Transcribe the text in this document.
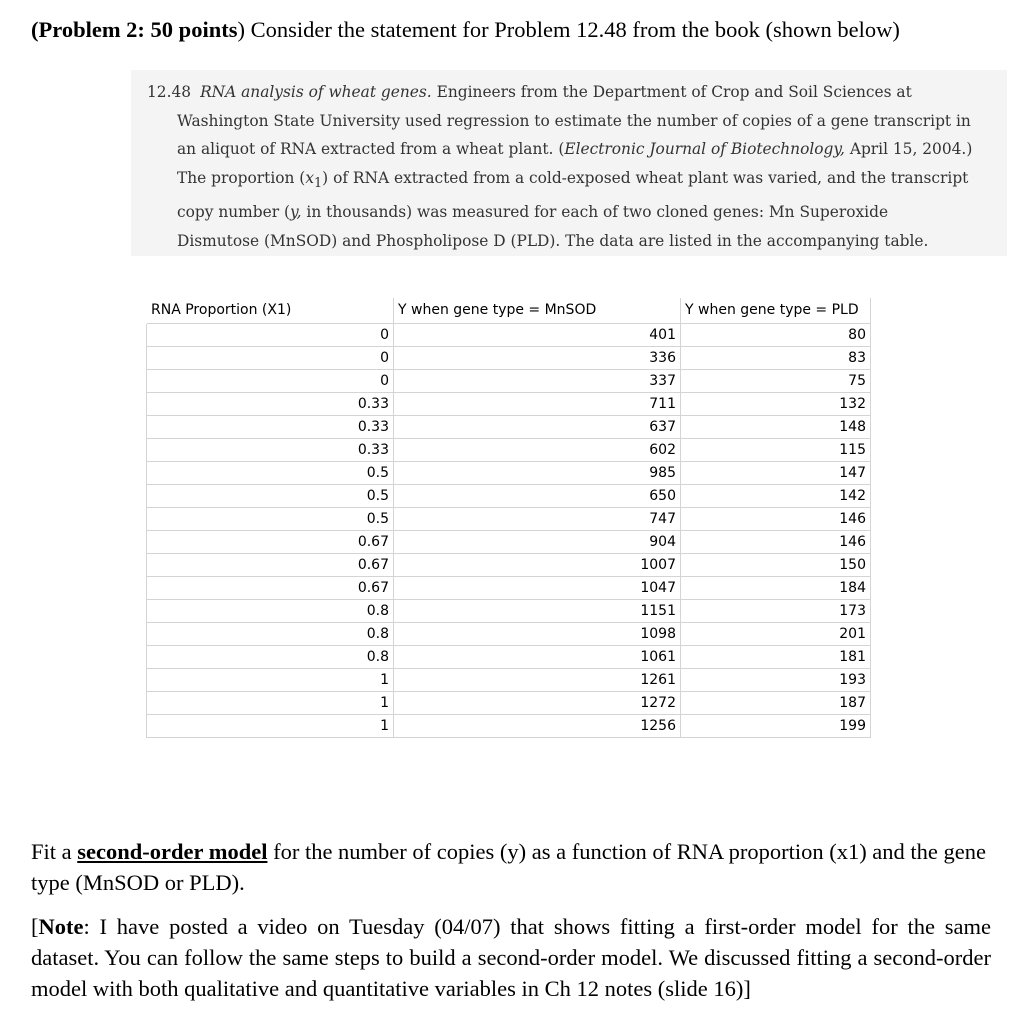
(Problem 2: 50 points) Consider the statement for Problem 12.48 from the book (shown below)
12.48 RNA analysis of wheat genes. Engineers from the Department of Crop and Soil Sciences at
Washington State University used regression to estimate the number of copies of a gene transcript in
an aliquot of RNA extracted from a wheat plant. (Electronic Journal of Biotechnology, April 15, 2004.)
The proportion $(x_1)$ of RNA extracted from a cold-exposed wheat plant was varied, and the transcript
copy number (y, in thousands) was measured for each of two cloned genes: Mn Superoxide
Dismutose (MnSOD) and Phospholipose D (PLD). The data are listed in the accompanying table.
RNA Proportion (X1)	Y when gene type = MnSOD	Y when gene type = PLD
0	401	80
0	336	83
0	337	75
0.33	711	132
0.33	637	148
0.33	602	115
0.5	985	147
0.5	650	142
0.5	747	146
0.67	904	146
0.67	1007	150
0.67	1047	184
0.8	1151	173
0.8	1098	201
0.8	1061	181
1	1261	193
1	1272	187
1	1256	199

Fit a second-order model for the number of copies (y) as a function of RNA proportion (x1) and the gene type (MnSOD or PLD).

[Note: I have posted a video on Tuesday (04/07) that shows fitting a first-order model for the same dataset. You can follow the same steps to build a second-order model. We discussed fitting a second-order model with both qualitative and quantitative variables in Ch 12 notes (slide 16)]
